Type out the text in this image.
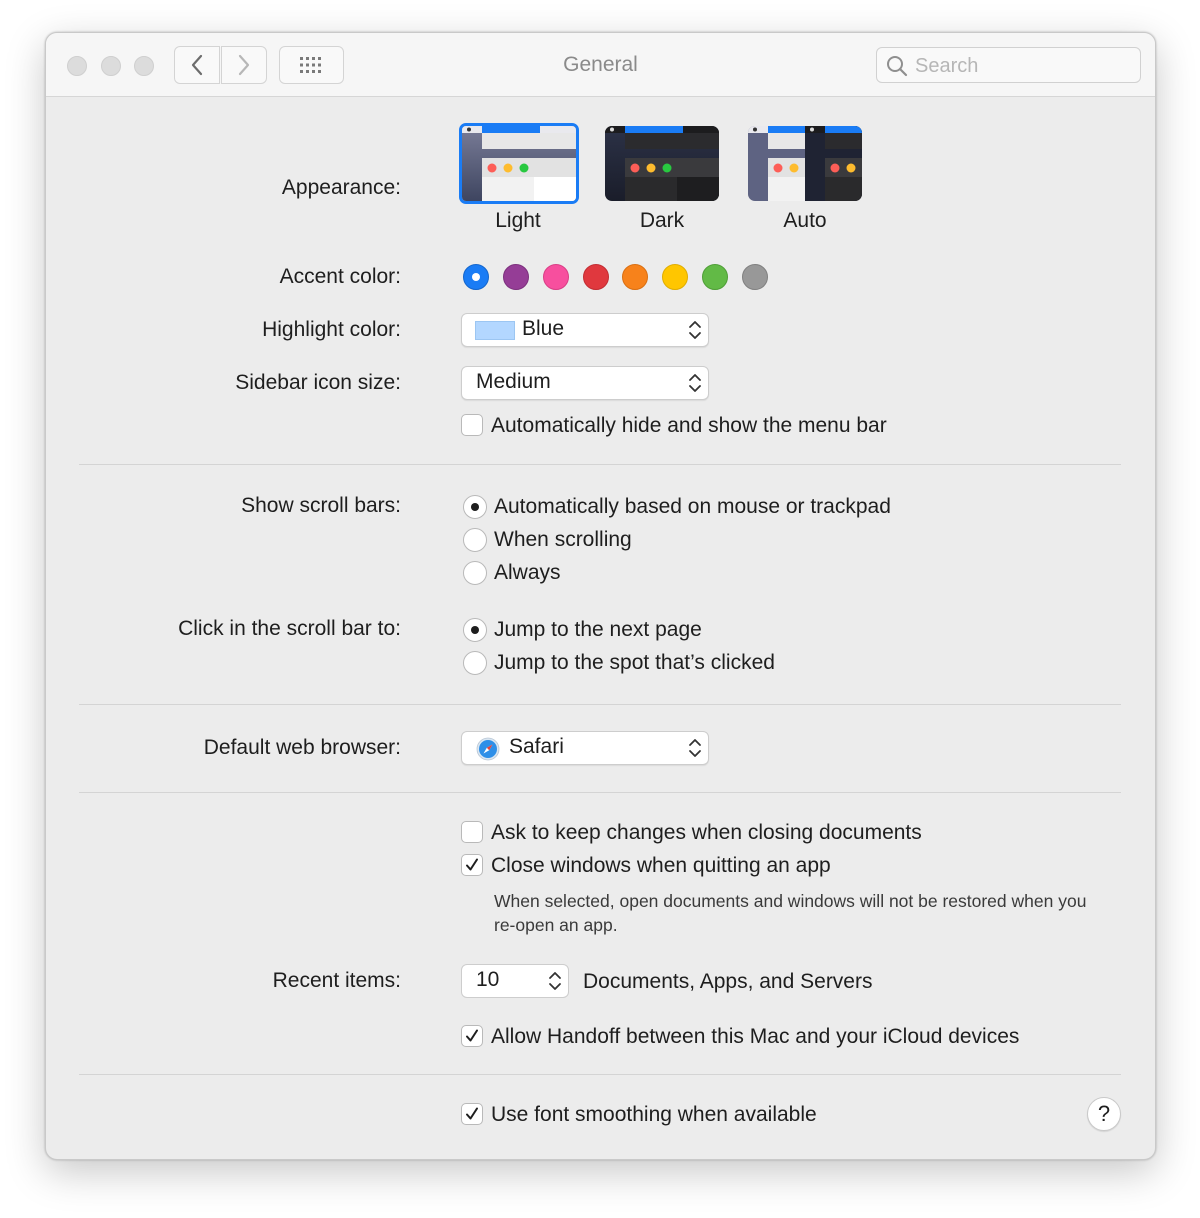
General
Search
Appearance:
Light	Dark	Auto
Accent color:
Highlight color:	Blue
Sidebar icon size:	Medium
Automatically hide and show the menu bar
Show scroll bars:	Automatically based on mouse or trackpad
When scrolling
Always
Click in the scroll bar to:	Jump to the next page
Jump to the spot that’s clicked
Default web browser:	Safari
Ask to keep changes when closing documents
Close windows when quitting an app
When selected, open documents and windows will not be restored when you re-open an app.
Recent items:	10	Documents, Apps, and Servers
Allow Handoff between this Mac and your iCloud devices
Use font smoothing when available	?
